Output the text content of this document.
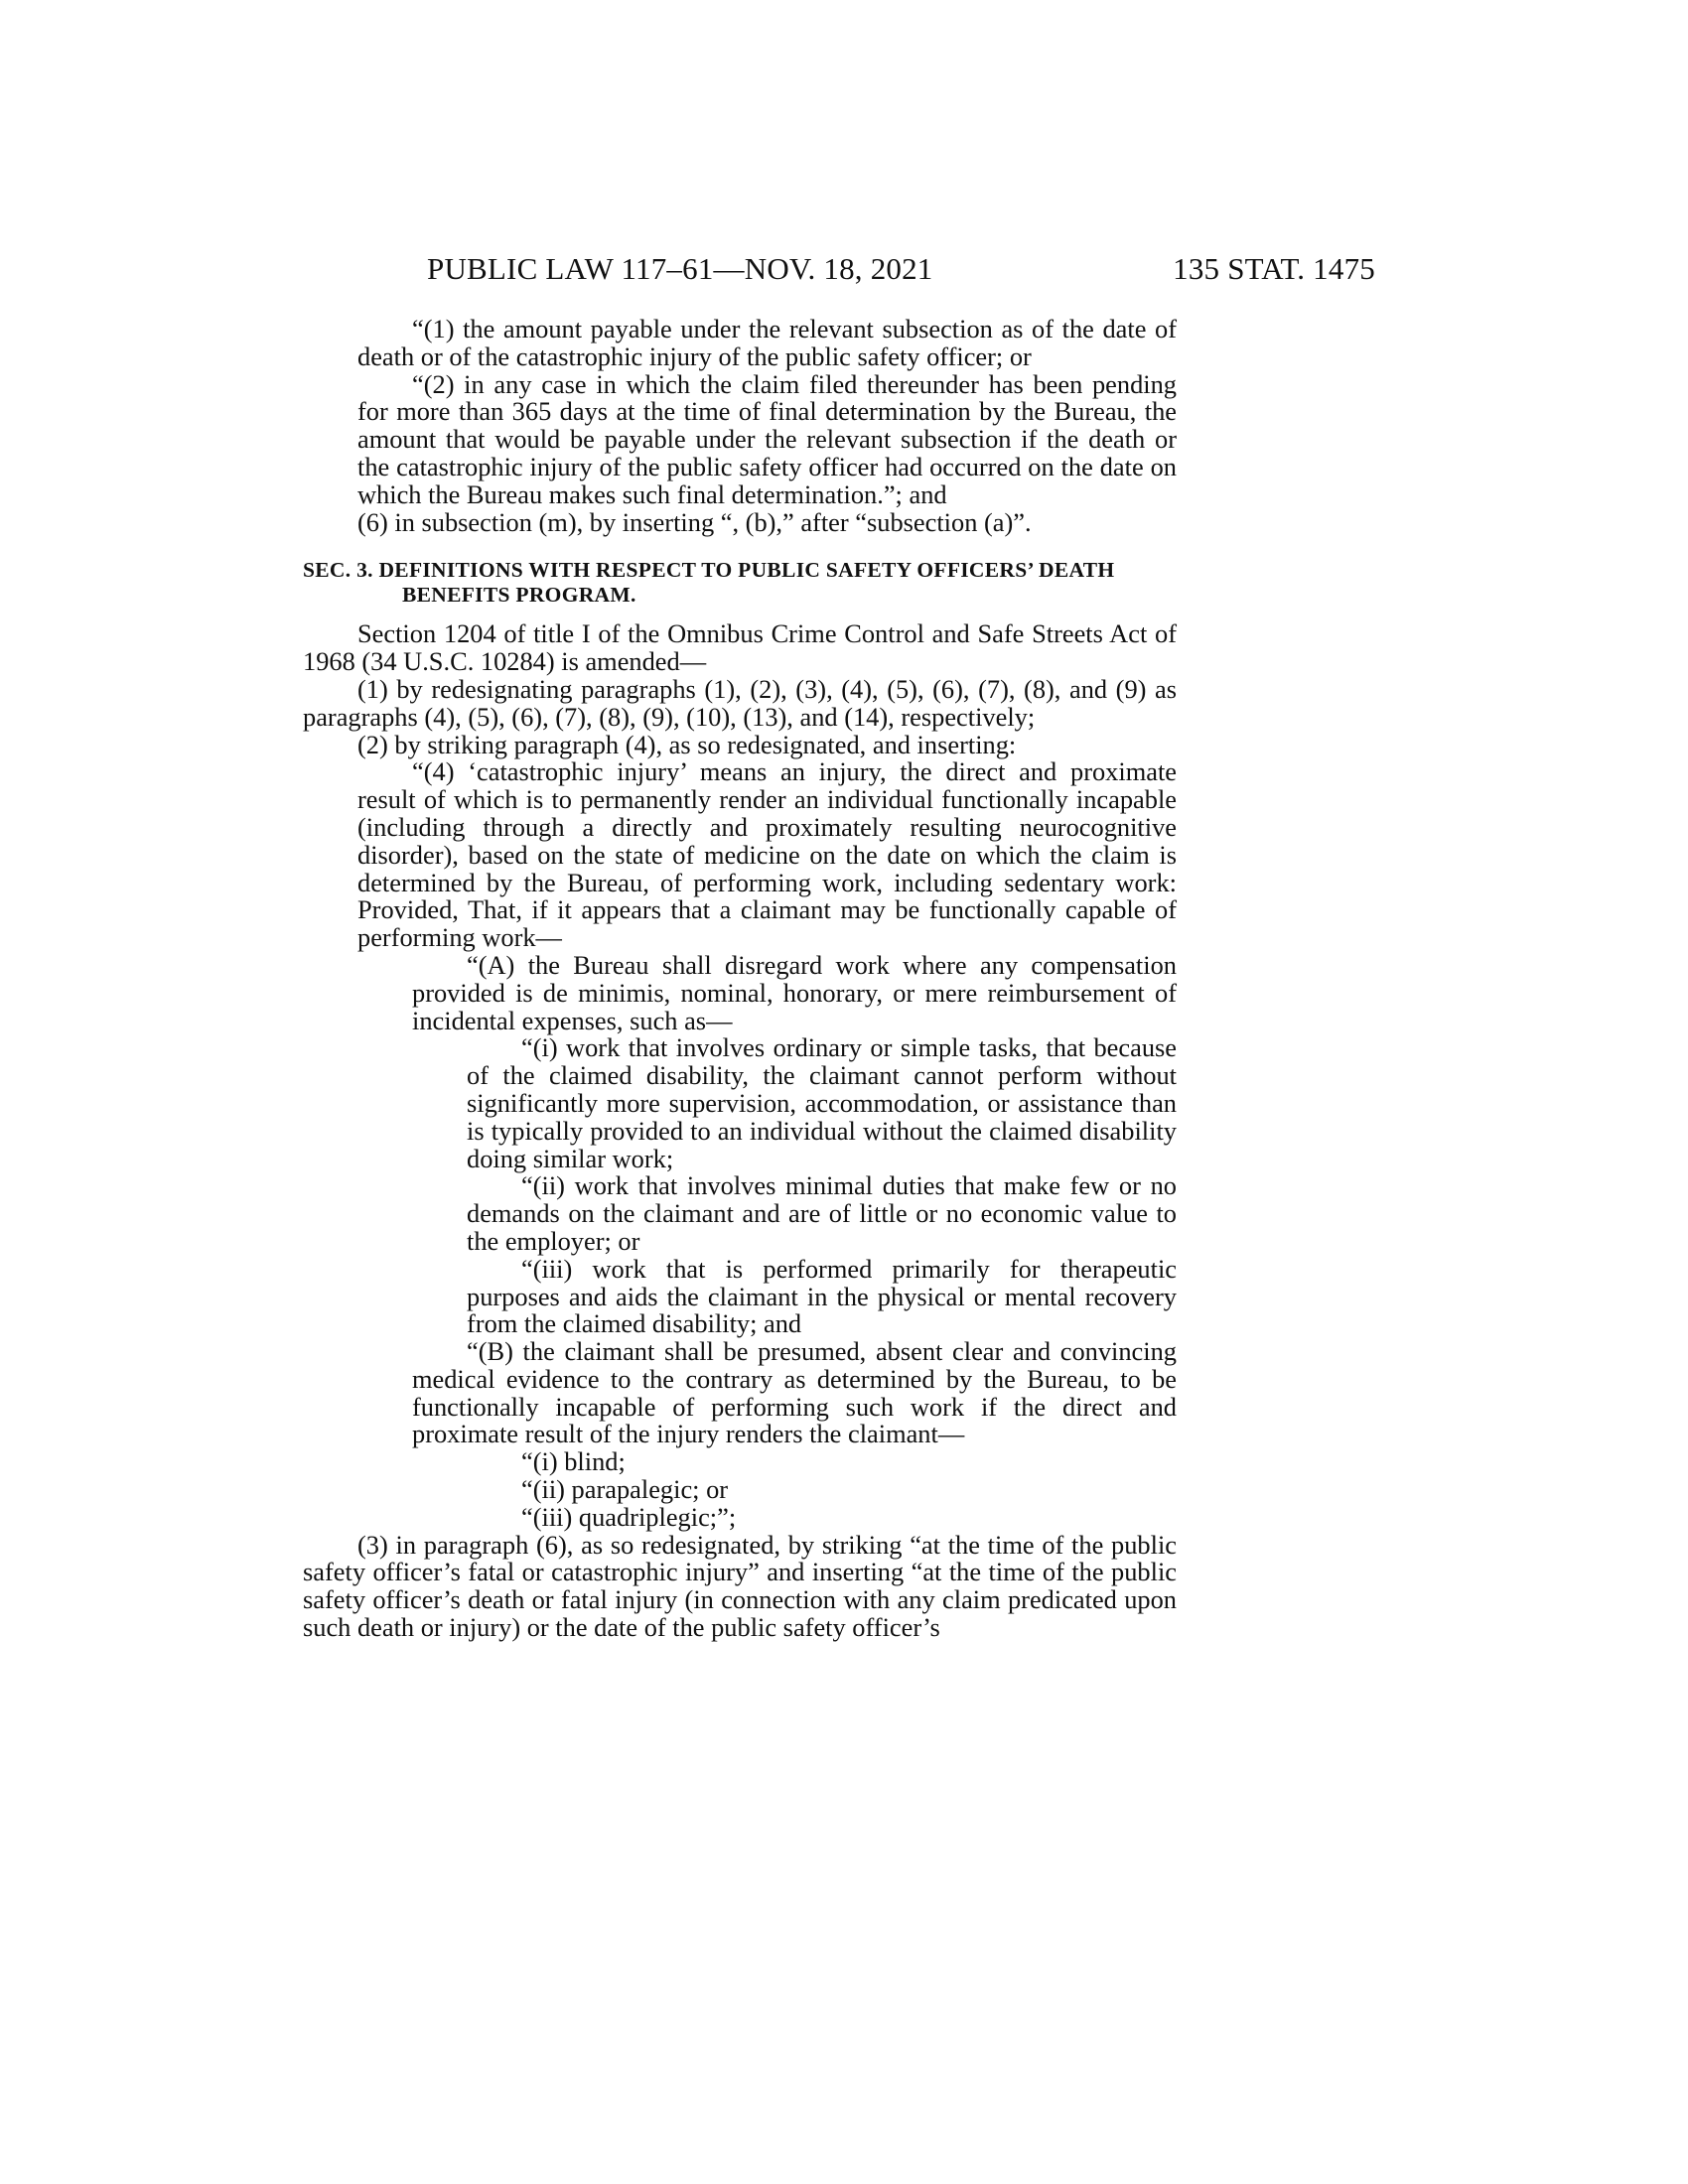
PUBLIC LAW 117–61—NOV. 18, 2021	135 STAT. 1475

“(1) the amount payable under the relevant subsection as of the date of death or of the catastrophic injury of the public safety officer; or

“(2) in any case in which the claim filed thereunder has been pending for more than 365 days at the time of final determination by the Bureau, the amount that would be payable under the relevant subsection if the death or the catastrophic injury of the public safety officer had occurred on the date on which the Bureau makes such final determination.”; and

(6) in subsection (m), by inserting “, (b),” after “subsection (a)”.

SEC. 3. DEFINITIONS WITH RESPECT TO PUBLIC SAFETY OFFICERS’ DEATH BENEFITS PROGRAM.

Section 1204 of title I of the Omnibus Crime Control and Safe Streets Act of 1968 (34 U.S.C. 10284) is amended—

(1) by redesignating paragraphs (1), (2), (3), (4), (5), (6), (7), (8), and (9) as paragraphs (4), (5), (6), (7), (8), (9), (10), (13), and (14), respectively;

(2) by striking paragraph (4), as so redesignated, and inserting:

“(4) ‘catastrophic injury’ means an injury, the direct and proximate result of which is to permanently render an individual functionally incapable (including through a directly and proximately resulting neurocognitive disorder), based on the state of medicine on the date on which the claim is determined by the Bureau, of performing work, including sedentary work: Provided, That, if it appears that a claimant may be functionally capable of performing work—

“(A) the Bureau shall disregard work where any compensation provided is de minimis, nominal, honorary, or mere reimbursement of incidental expenses, such as—

“(i) work that involves ordinary or simple tasks, that because of the claimed disability, the claimant cannot perform without significantly more supervision, accommodation, or assistance than is typically provided to an individual without the claimed disability doing similar work;

“(ii) work that involves minimal duties that make few or no demands on the claimant and are of little or no economic value to the employer; or

“(iii) work that is performed primarily for therapeutic purposes and aids the claimant in the physical or mental recovery from the claimed disability; and

“(B) the claimant shall be presumed, absent clear and convincing medical evidence to the contrary as determined by the Bureau, to be functionally incapable of performing such work if the direct and proximate result of the injury renders the claimant—

“(i) blind;

“(ii) parapalegic; or

“(iii) quadriplegic;”;

(3) in paragraph (6), as so redesignated, by striking “at the time of the public safety officer’s fatal or catastrophic injury” and inserting “at the time of the public safety officer’s death or fatal injury (in connection with any claim predicated upon such death or injury) or the date of the public safety officer’s
